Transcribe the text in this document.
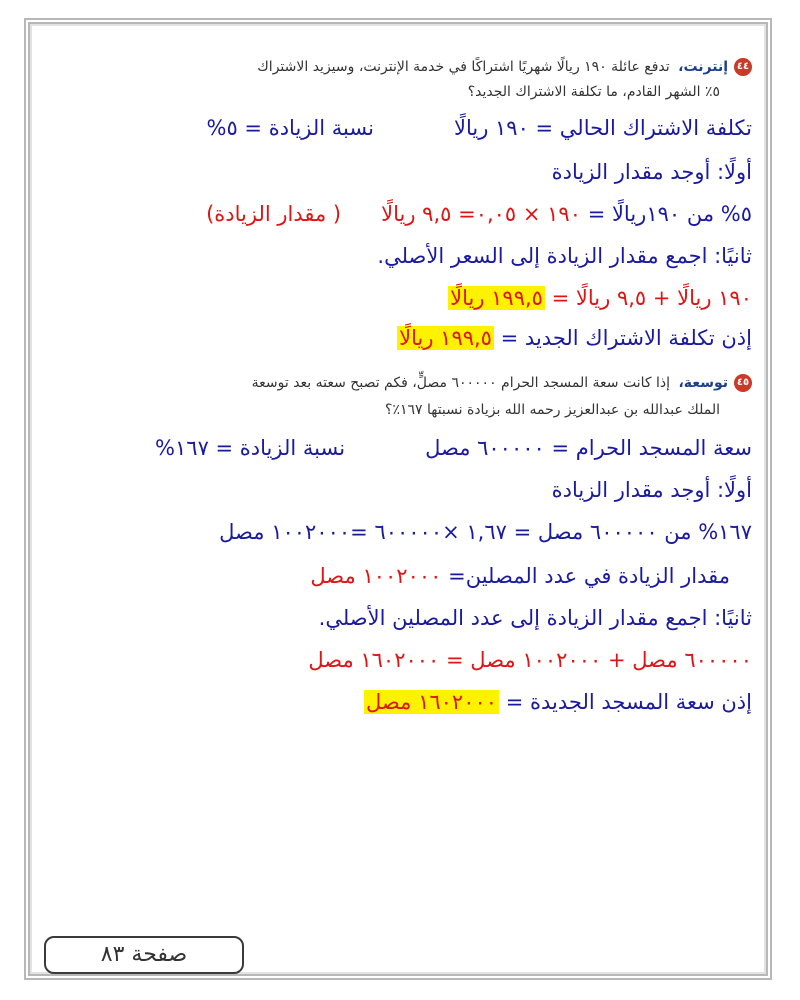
٤٤إنترنت، تدفع عائلة ١٩٠ ريالًا شهريًا اشتراكًا في خدمة الإنترنت، وسيزيد الاشتراك
٥٪ الشهر القادم، ما تكلفة الاشتراك الجديد؟
تكلفة الاشتراك الحالي = ١٩٠ ريالًانسبة الزيادة = ٥%
أولًا: أوجد مقدار الزيادة
٥% من ١٩٠ريالًا = ١٩٠ × ٠,٠٥= ٩,٥ ريالًا( مقدار الزيادة)
ثانيًا: اجمع مقدار الزيادة إلى السعر الأصلي.
١٩٠ ريالًا + ٩,٥ ريالًا = ١٩٩,٥ ريالًا
إذن تكلفة الاشتراك الجديد = ١٩٩,٥ ريالًا
٤٥توسعة، إذا كانت سعة المسجد الحرام ٦٠٠٠٠٠ مصلٍّ، فكم تصبح سعته بعد توسعة
الملك عبدالله بن عبدالعزيز رحمه الله بزيادة نسبتها ١٦٧٪؟
سعة المسجد الحرام = ٦٠٠٠٠٠ مصلنسبة الزيادة = ١٦٧%
أولًا: أوجد مقدار الزيادة
١٦٧% من ٦٠٠٠٠٠ مصل = ١,٦٧ ×٦٠٠٠٠٠ =١٠٠٢٠٠٠ مصل
مقدار الزيادة في عدد المصلين= ١٠٠٢٠٠٠ مصل
ثانيًا: اجمع مقدار الزيادة إلى عدد المصلين الأصلي.
٦٠٠٠٠٠ مصل + ١٠٠٢٠٠٠ مصل = ١٦٠٢٠٠٠ مصل
إذن سعة المسجد الجديدة = ١٦٠٢٠٠٠ مصل
صفحة ٨٣
